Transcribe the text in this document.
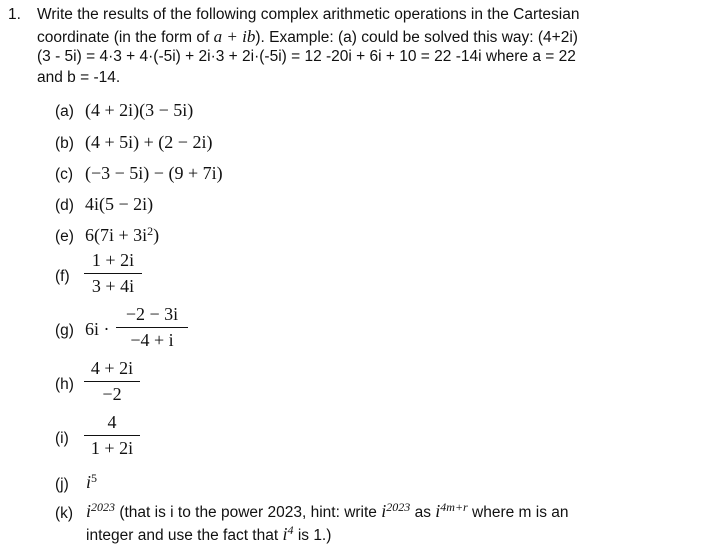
1. Write the results of the following complex arithmetic operations in the Cartesian
coordinate (in the form of a + ib). Example: (a) could be solved this way: (4+2i)
(3 - 5i) = 4·3 + 4·(-5i) + 2i·3 + 2i·(-5i) = 12 -20i + 6i + 10 = 22 -14i where a = 22
and b = -14.
(a) (4 + 2i)(3 − 5i)
(b) (4 + 5i) + (2 − 2i)
(c) (−3 − 5i) − (9 + 7i)
(d) 4i(5 − 2i)
(e) $6(7i + 3i^2)$
(f)
1 + 2i
3 + 4i
(g) 6i ·
−2 − 3i
−4 + i
(h)
4 + 2i
−2
(i)
4
1 + 2i
(j) $i^5$
(k) $i^{2023}$ (that is i to the power 2023, hint: write $i^{2023}$ as $i^{4m+r}$ where m is an
integer and use the fact that $i^4$ is 1.)
